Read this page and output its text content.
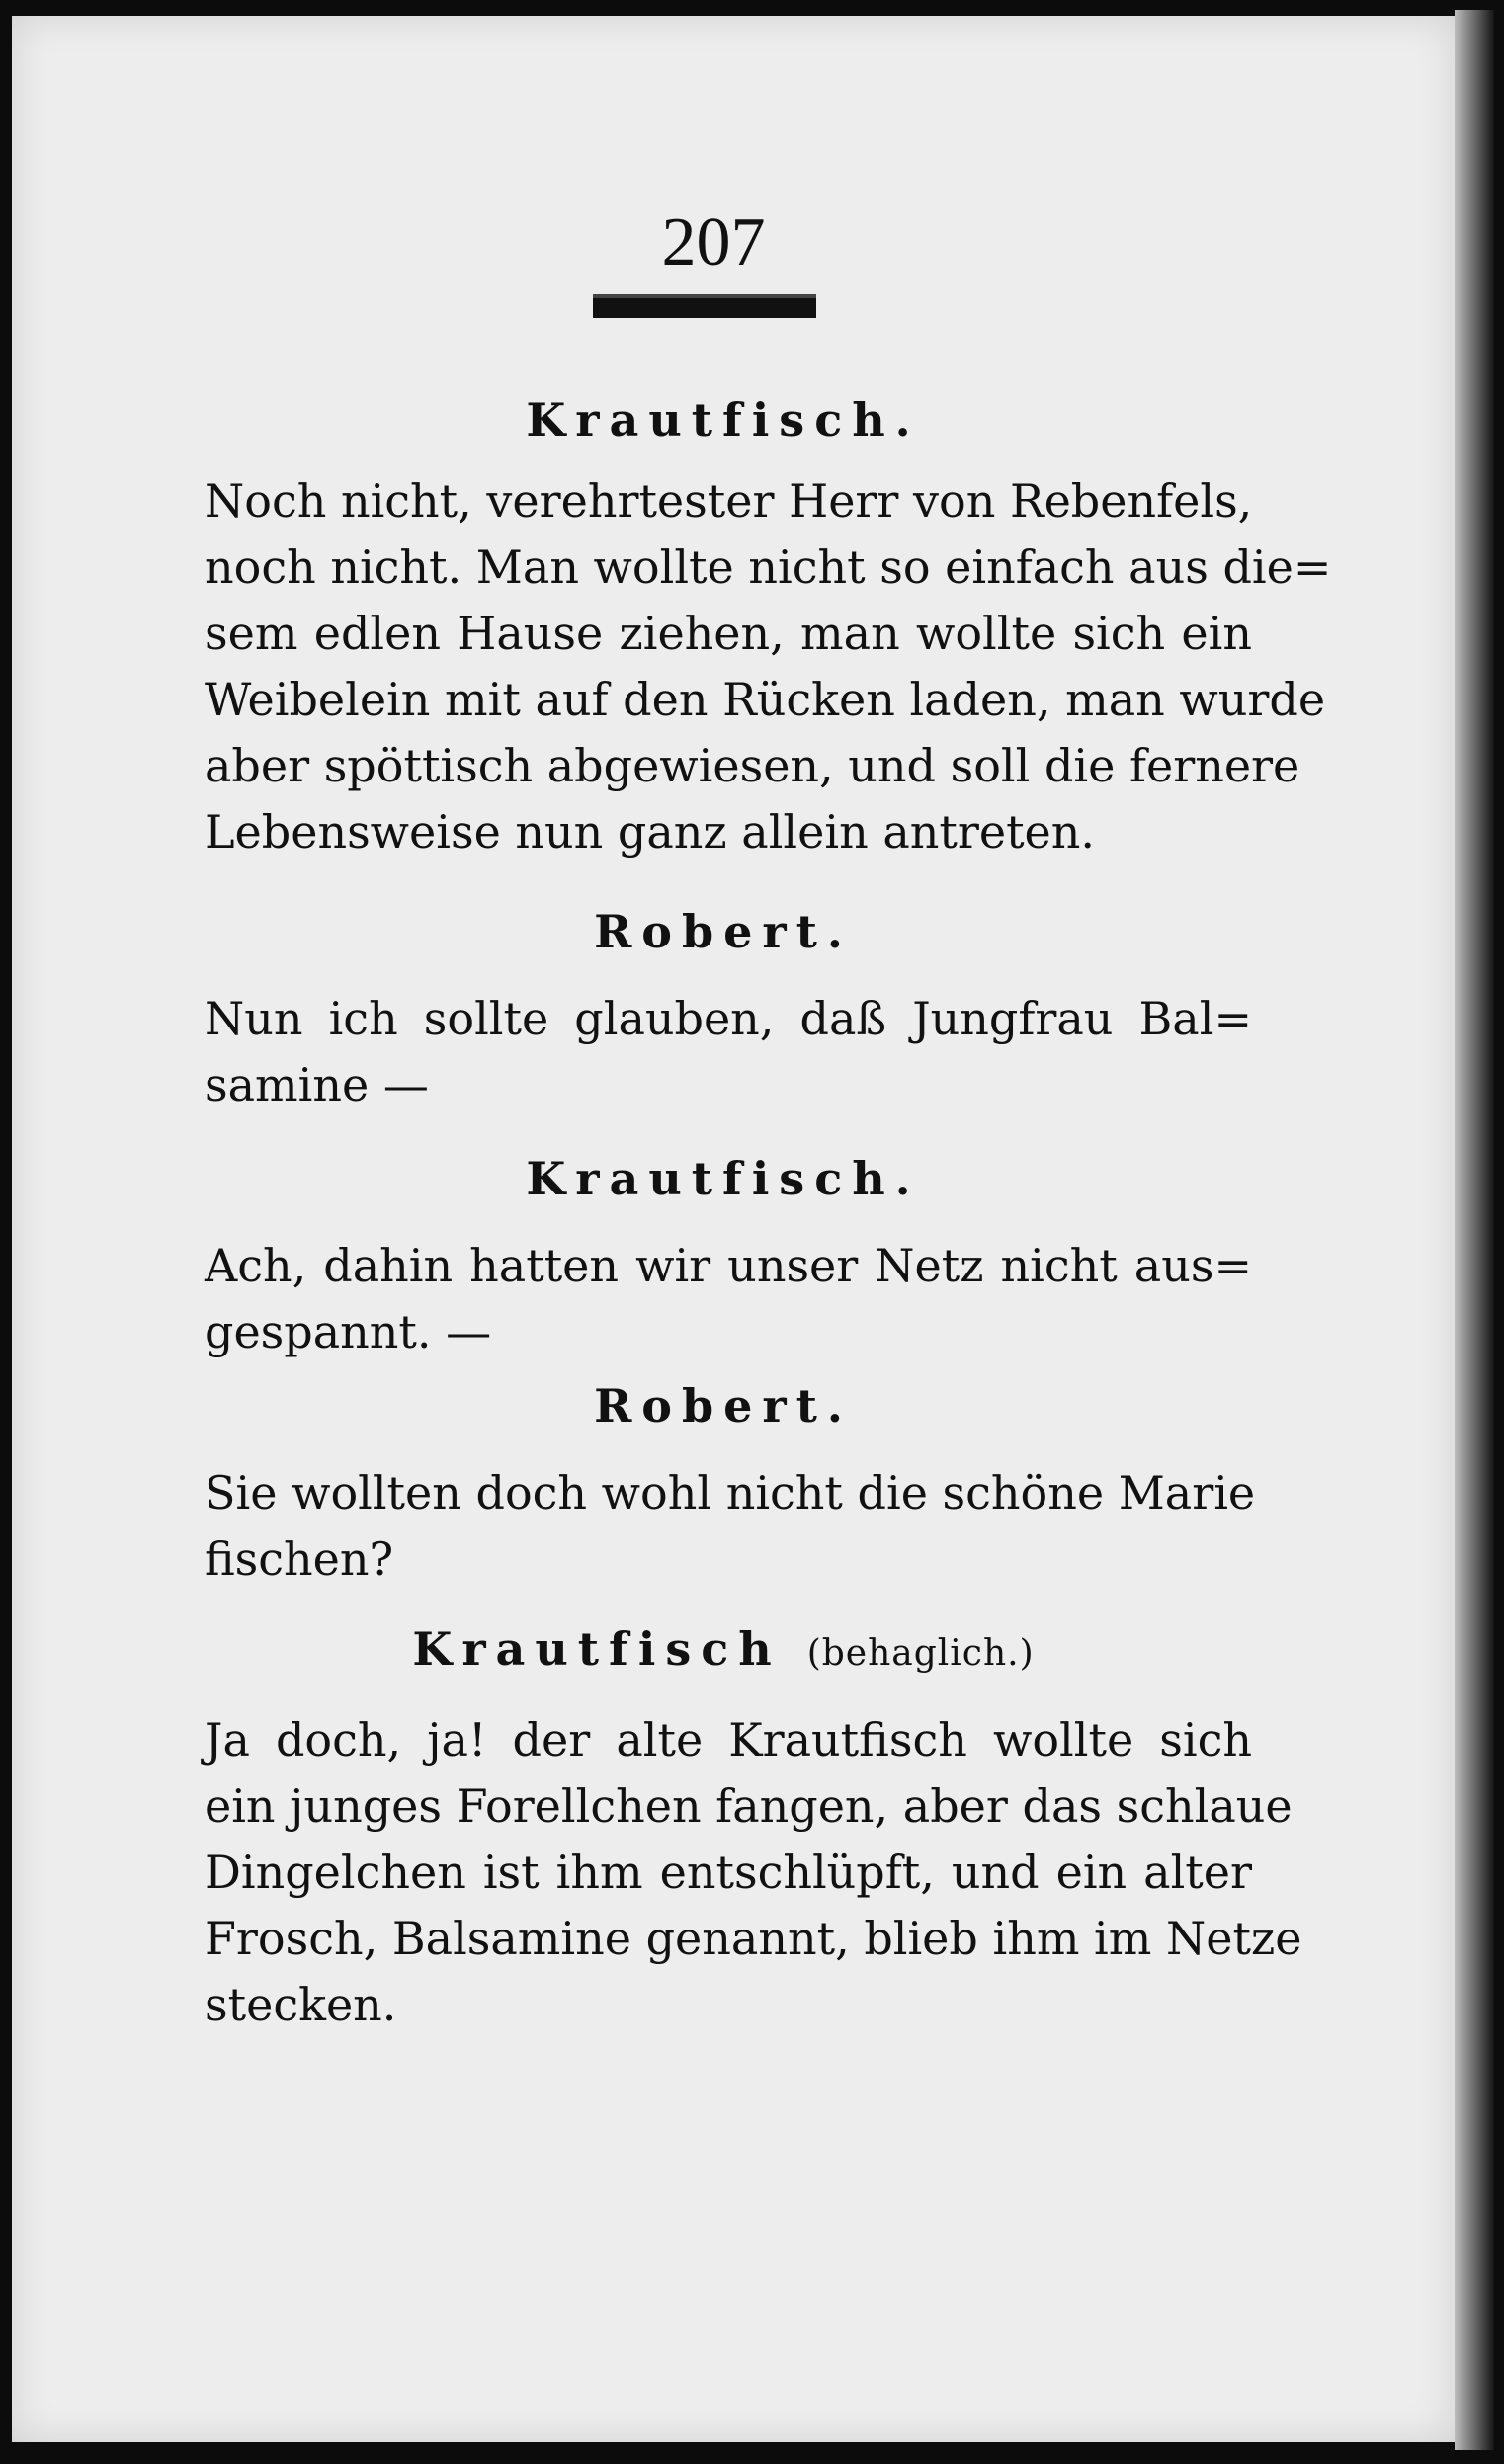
207
Krautfisch.
Noch nicht, verehrtester Herr von Rebenfels,
noch nicht. Man wollte nicht so einfach aus die=
sem edlen Hause ziehen, man wollte sich ein
Weibelein mit auf den Rücken laden, man wurde
aber spöttisch abgewiesen, und soll die fernere
Lebensweise nun ganz allein antreten.
Robert.
Nun ich sollte glauben, daß Jungfrau Bal=
samine —
Krautfisch.
Ach, dahin hatten wir unser Netz nicht aus=
gespannt. —
Robert.
Sie wollten doch wohl nicht die schöne Marie
fischen?
Krautfisch (behaglich.)
Ja doch, ja! der alte Krautfisch wollte sich
ein junges Forellchen fangen, aber das schlaue
Dingelchen ist ihm entschlüpft, und ein alter
Frosch, Balsamine genannt, blieb ihm im Netze
stecken.
